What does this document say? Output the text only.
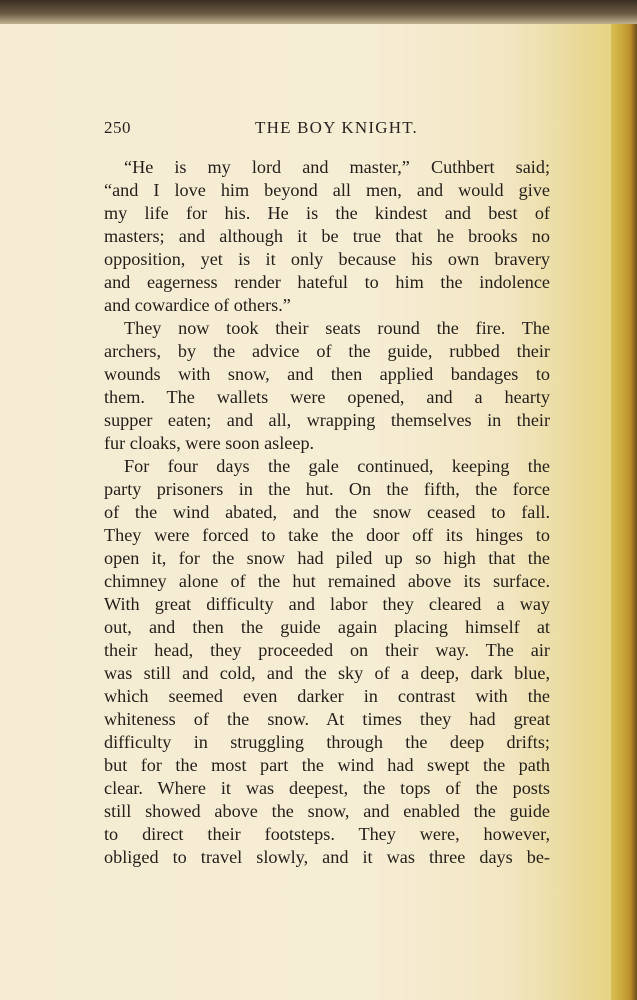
250	THE BOY KNIGHT.
“He is my lord and master,” Cuthbert said;
“and I love him beyond all men, and would give
my life for his. He is the kindest and best of
masters; and although it be true that he brooks no
opposition, yet is it only because his own bravery
and eagerness render hateful to him the indolence
and cowardice of others.”
They now took their seats round the fire. The
archers, by the advice of the guide, rubbed their
wounds with snow, and then applied bandages to
them. The wallets were opened, and a hearty
supper eaten; and all, wrapping themselves in their
fur cloaks, were soon asleep.
For four days the gale continued, keeping the
party prisoners in the hut. On the fifth, the force
of the wind abated, and the snow ceased to fall.
They were forced to take the door off its hinges to
open it, for the snow had piled up so high that the
chimney alone of the hut remained above its surface.
With great difficulty and labor they cleared a way
out, and then the guide again placing himself at
their head, they proceeded on their way. The air
was still and cold, and the sky of a deep, dark blue,
which seemed even darker in contrast with the
whiteness of the snow. At times they had great
difficulty in struggling through the deep drifts;
but for the most part the wind had swept the path
clear. Where it was deepest, the tops of the posts
still showed above the snow, and enabled the guide
to direct their footsteps. They were, however,
obliged to travel slowly, and it was three days be-
